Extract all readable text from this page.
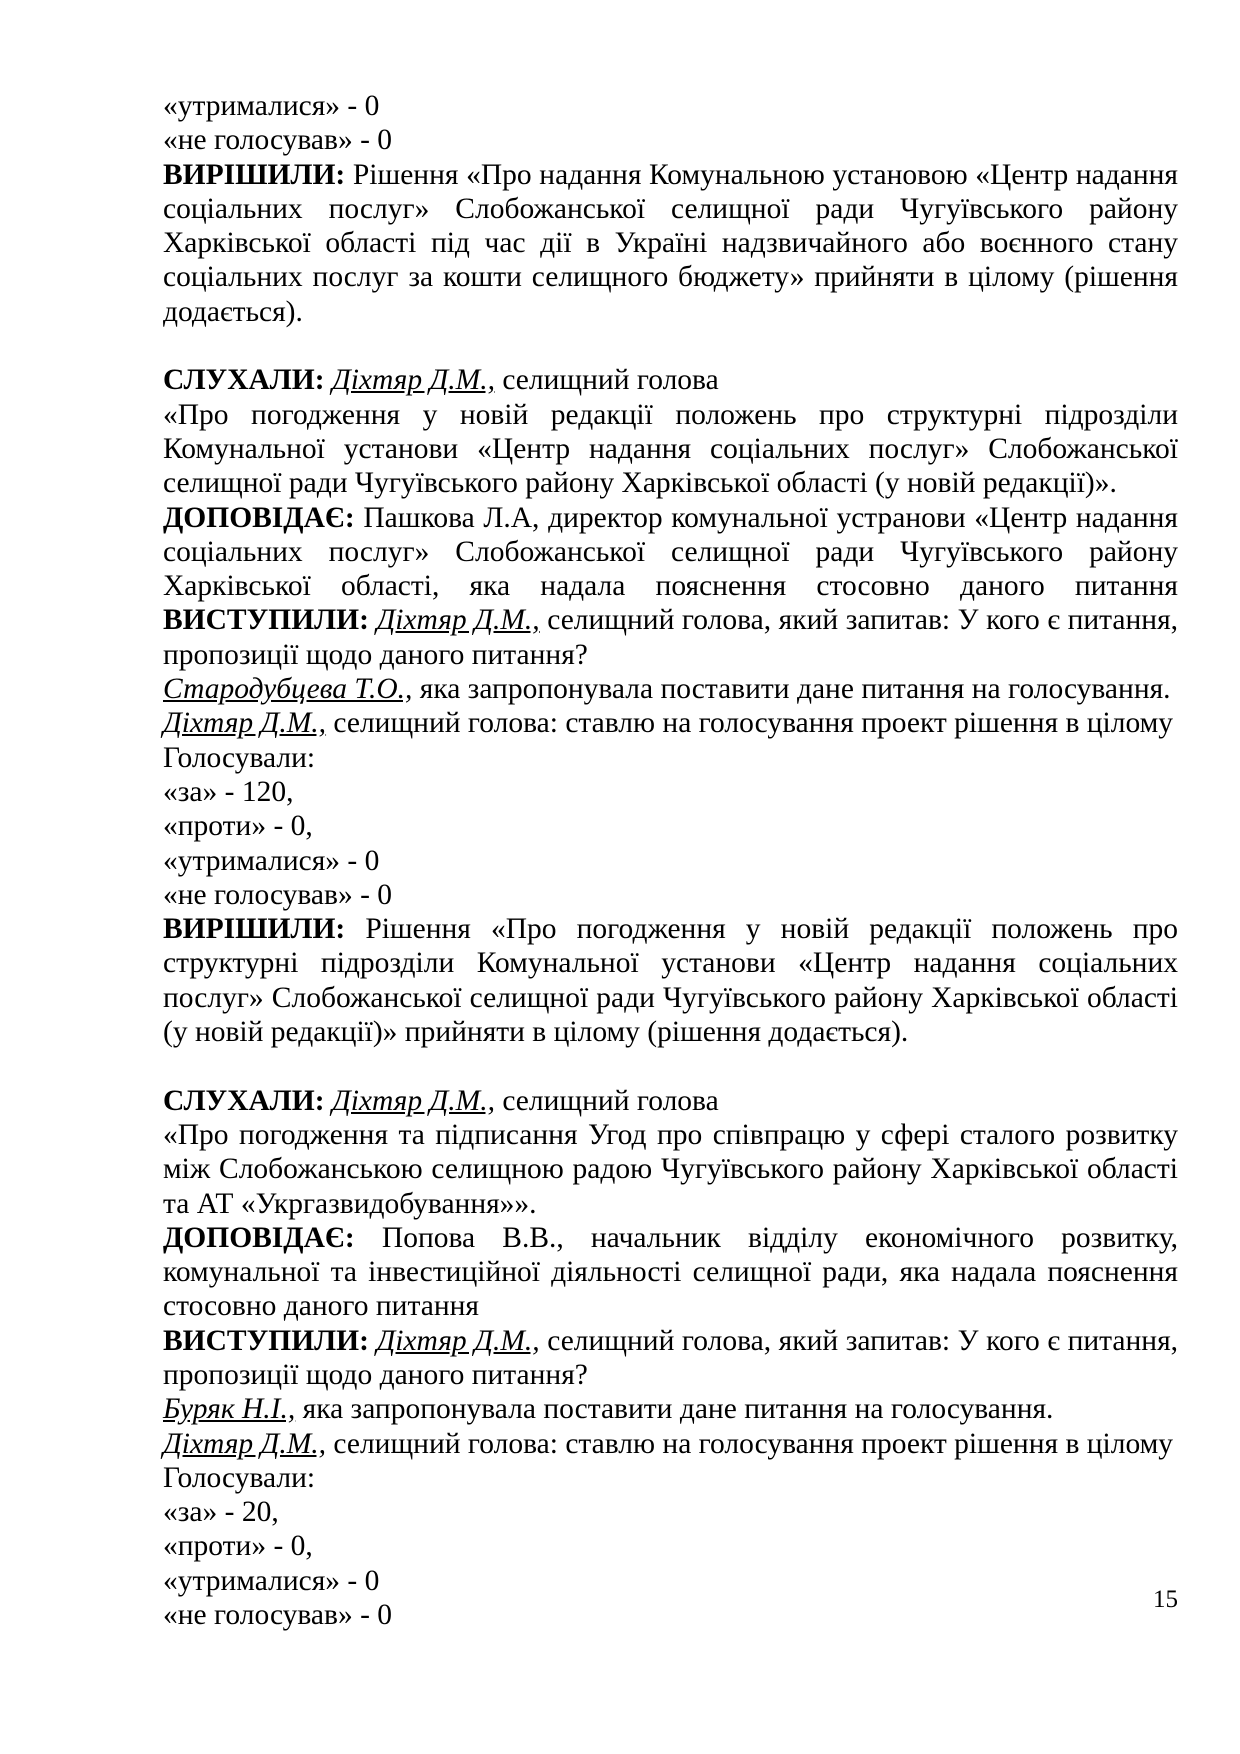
«утрималися» - 0
«не голосував» - 0
ВИРІШИЛИ: Рішення «Про надання Комунальною установою «Центр надання
соціальних послуг» Слобожанської селищної ради Чугуївського району
Харківської області під час дії в Україні надзвичайного або воєнного стану
соціальних послуг за кошти селищного бюджету» прийняти в цілому (рішення
додається).
СЛУХАЛИ: Діхтяр Д.М., селищний голова
«Про погодження у новій редакції положень про структурні підрозділи
Комунальної установи «Центр надання соціальних послуг» Слобожанської
селищної ради Чугуївського району Харківської області (у новій редакції)».
ДОПОВІДАЄ: Пашкова Л.А, директор комунальної устранови «Центр надання
соціальних послуг» Слобожанської селищної ради Чугуївського району
Харківської області, яка надала пояснення стосовно даного питання
ВИСТУПИЛИ: Діхтяр Д.М., селищний голова, який запитав: У кого є питання,
пропозиції щодо даного питання?
Стародубцева Т.О., яка запропонувала поставити дане питання на голосування.
Діхтяр Д.М., селищний голова: ставлю на голосування проект рішення в цілому
Голосували:
«за» - 120,
«проти» - 0,
«утрималися» - 0
«не голосував» - 0
ВИРІШИЛИ: Рішення «Про погодження у новій редакції положень про
структурні підрозділи Комунальної установи «Центр надання соціальних
послуг» Слобожанської селищної ради Чугуївського району Харківської області
(у новій редакції)» прийняти в цілому (рішення додається).
СЛУХАЛИ: Діхтяр Д.М., селищний голова
«Про погодження та підписання Угод про співпрацю у сфері сталого розвитку
між Слобожанською селищною радою Чугуївського району Харківської області
та АТ «Укргазвидобування»».
ДОПОВІДАЄ: Попова В.В., начальник відділу економічного розвитку,
комунальної та інвестиційної діяльності селищної ради, яка надала пояснення
стосовно даного питання
ВИСТУПИЛИ: Діхтяр Д.М., селищний голова, який запитав: У кого є питання,
пропозиції щодо даного питання?
Буряк Н.І., яка запропонувала поставити дане питання на голосування.
Діхтяр Д.М., селищний голова: ставлю на голосування проект рішення в цілому
Голосували:
«за» - 20,
«проти» - 0,
«утрималися» - 0
«не голосував» - 0	15
